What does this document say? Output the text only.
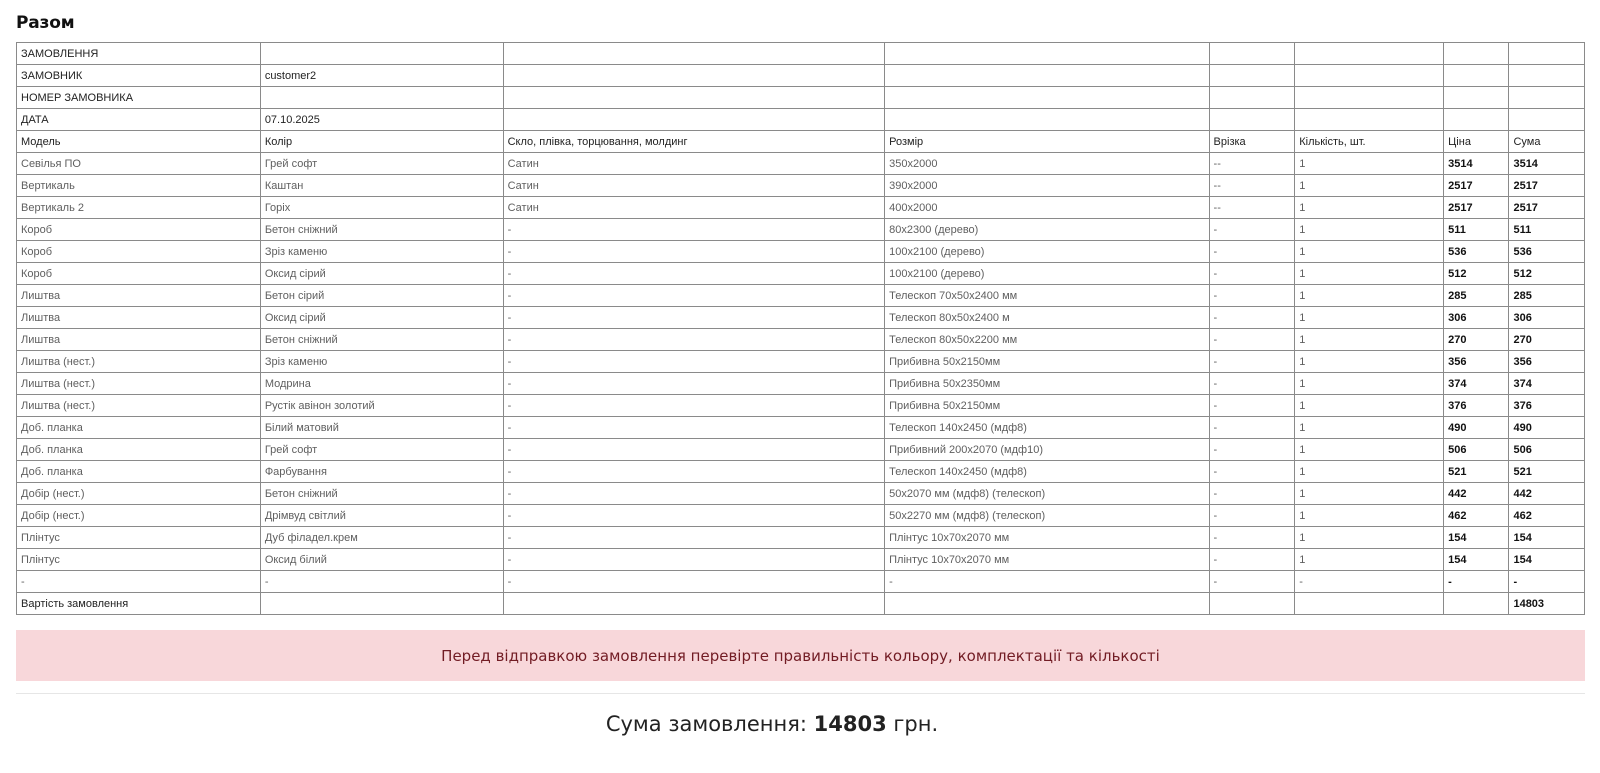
Разом
ЗАМОВЛЕННЯ							
ЗАМОВНИК	customer2						
НОМЕР ЗАМОВНИКА							
ДАТА	07.10.2025						
Модель	Колір	Скло, плівка, торцювання, молдинг	Розмір	Врізка	Кількість, шт.	Ціна	Сума
Севілья ПО	Грей софт	Сатин	350х2000	--	1	3514	3514
Вертикаль	Каштан	Сатин	390х2000	--	1	2517	2517
Вертикаль 2	Горіх	Сатин	400х2000	--	1	2517	2517
Короб	Бетон сніжний	-	80х2300 (дерево)	-	1	511	511
Короб	Зріз каменю	-	100х2100 (дерево)	-	1	536	536
Короб	Оксид сірий	-	100х2100 (дерево)	-	1	512	512
Лиштва	Бетон сірий	-	Телескоп 70х50х2400 мм	-	1	285	285
Лиштва	Оксид сірий	-	Телескоп 80х50х2400 м	-	1	306	306
Лиштва	Бетон сніжний	-	Телескоп 80х50х2200 мм	-	1	270	270
Лиштва (нест.)	Зріз каменю	-	Прибивна 50х2150мм	-	1	356	356
Лиштва (нест.)	Модрина	-	Прибивна 50х2350мм	-	1	374	374
Лиштва (нест.)	Рустік авінон золотий	-	Прибивна 50х2150мм	-	1	376	376
Доб. планка	Білий матовий	-	Телескоп 140х2450 (мдф8)	-	1	490	490
Доб. планка	Грей софт	-	Прибивний 200х2070 (мдф10)	-	1	506	506
Доб. планка	Фарбування	-	Телескоп 140х2450 (мдф8)	-	1	521	521
Добір (нест.)	Бетон сніжний	-	50х2070 мм (мдф8) (телескоп)	-	1	442	442
Добір (нест.)	Дрімвуд світлий	-	50х2270 мм (мдф8) (телескоп)	-	1	462	462
Плінтус	Дуб філадел.крем	-	Плінтус 10х70х2070 мм	-	1	154	154
Плінтус	Оксид білий	-	Плінтус 10х70х2070 мм	-	1	154	154
-	-	-	-	-	-	-	-
Вартість замовлення							14803
Перед відправкою замовлення перевірте правильність кольору, комплектації та кількості
Сума замовлення: 14803 грн.
